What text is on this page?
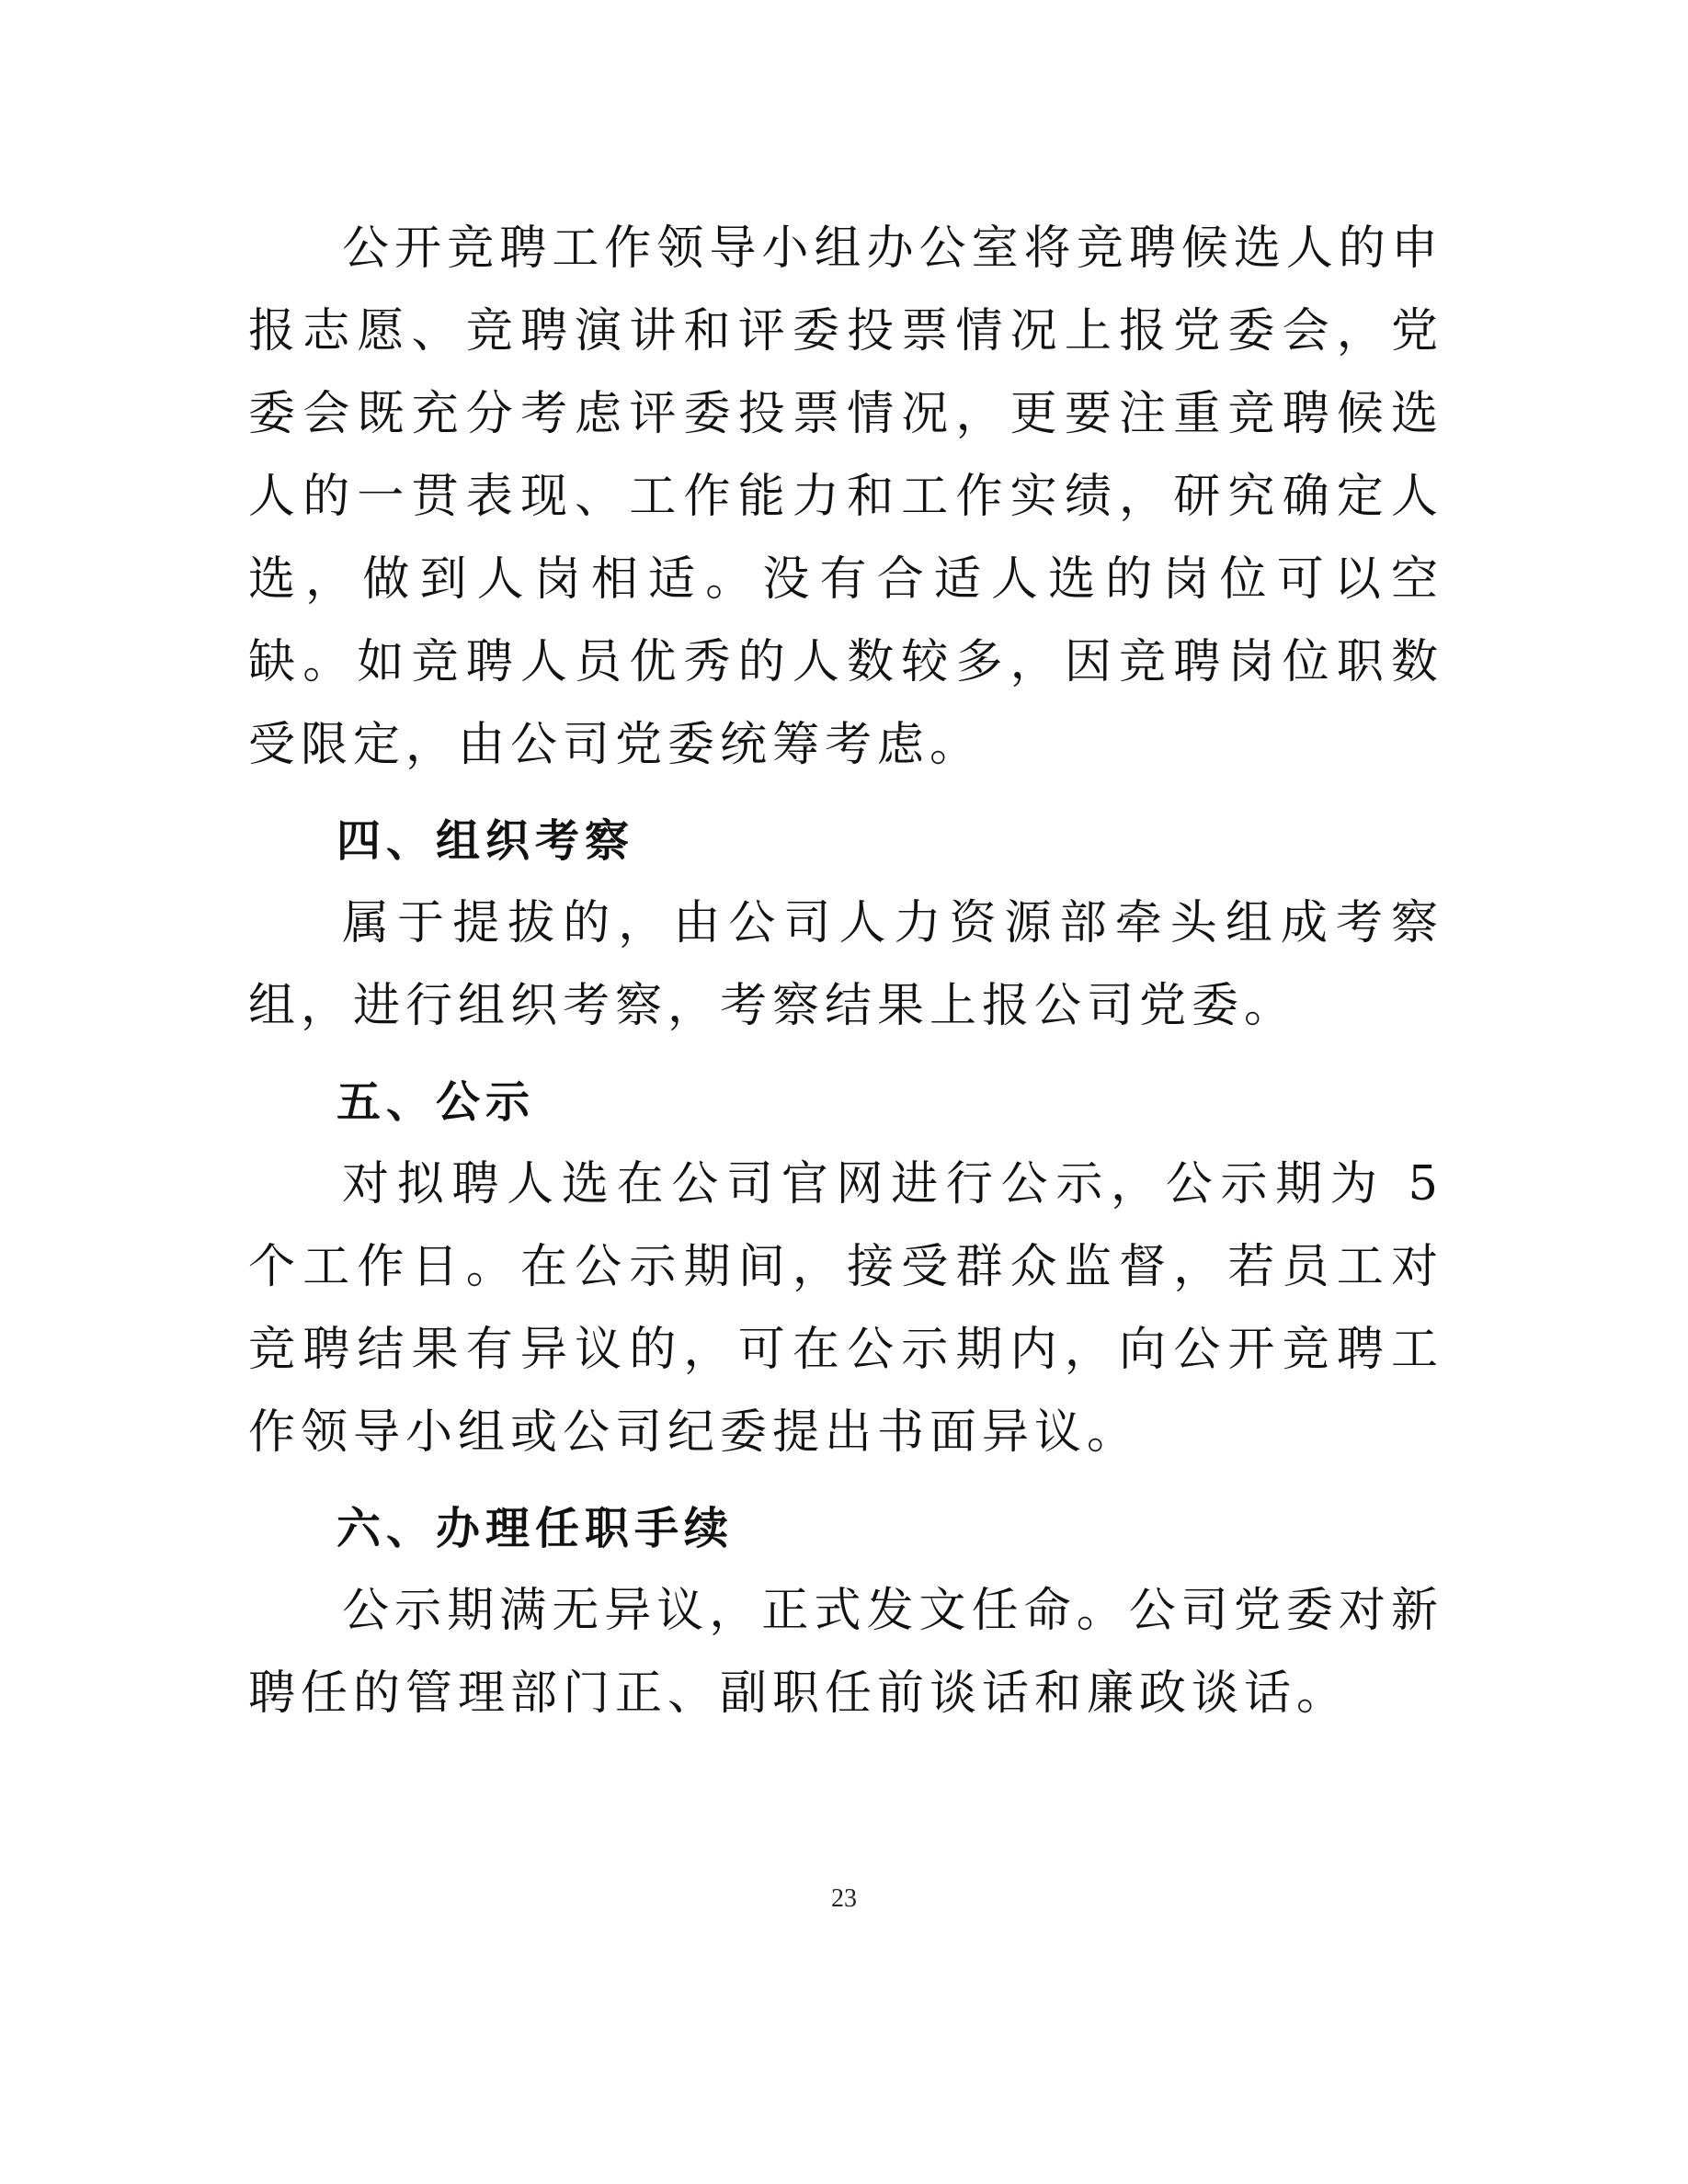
公开竞聘工作领导小组办公室将竞聘候选人的申报志愿、竞聘演讲和评委投票情况上报党委会，党委会既充分考虑评委投票情况，更要注重竞聘候选人的一贯表现、工作能力和工作实绩，研究确定人选，做到人岗相适。没有合适人选的岗位可以空缺。如竞聘人员优秀的人数较多，因竞聘岗位职数受限定，由公司党委统筹考虑。

四、组织考察

属于提拔的，由公司人力资源部牵头组成考察组，进行组织考察，考察结果上报公司党委。

五、公示

对拟聘人选在公司官网进行公示，公示期为 5 个工作日。在公示期间，接受群众监督，若员工对竞聘结果有异议的，可在公示期内，向公开竞聘工作领导小组或公司纪委提出书面异议。

六、办理任职手续

公示期满无异议，正式发文任命。公司党委对新聘任的管理部门正、副职任前谈话和廉政谈话。

23
